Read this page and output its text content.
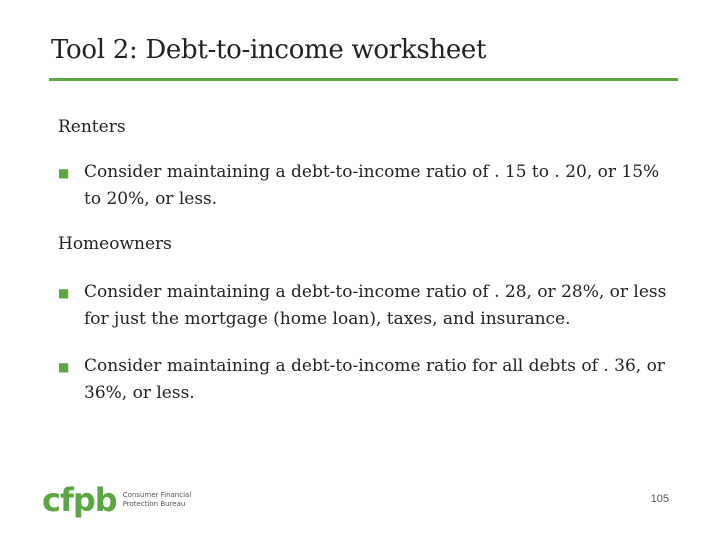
Tool 2: Debt-to-income worksheet
Renters
■ Consider maintaining a debt-to-income ratio of . 15 to . 20, or 15% to 20%, or less.
Homeowners
■ Consider maintaining a debt-to-income ratio of . 28, or 28%, or less for just the mortgage (home loan), taxes, and insurance.
■ Consider maintaining a debt-to-income ratio for all debts of . 36, or 36%, or less.
cfpb Consumer Financial
Protection Bureau	105
